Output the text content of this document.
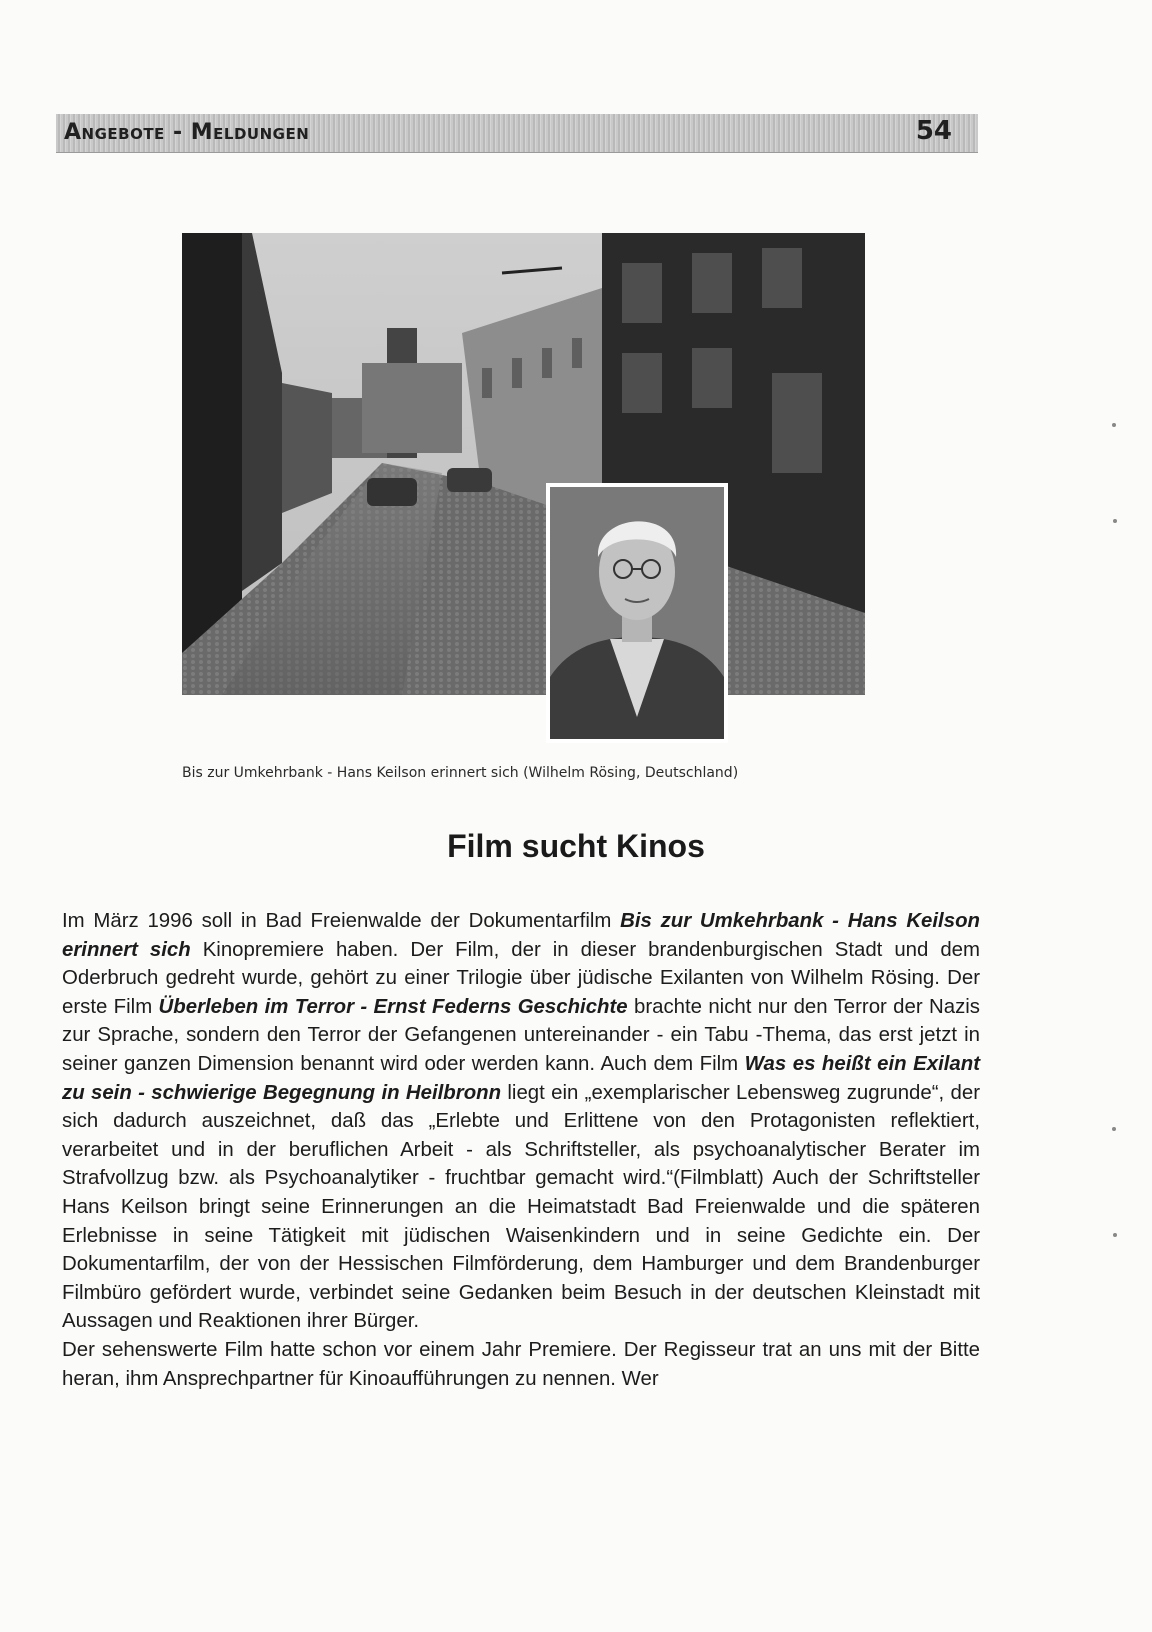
Angebote - Meldungen	54
Bis zur Umkehrbank - Hans Keilson erinnert sich (Wilhelm Rösing, Deutschland)
Film sucht Kinos

Im März 1996 soll in Bad Freienwalde der Dokumentarfilm Bis zur Umkehrbank - Hans Keilson erinnert sich Kinopremiere haben. Der Film, der in dieser brandenburgischen Stadt und dem Oderbruch gedreht wurde, gehört zu einer Trilogie über jüdische Exilanten von Wilhelm Rösing. Der erste Film Überleben im Terror - Ernst Federns Geschichte brachte nicht nur den Terror der Nazis zur Sprache, sondern den Terror der Gefangenen untereinander - ein Tabu -Thema, das erst jetzt in seiner ganzen Dimension benannt wird oder werden kann. Auch dem Film Was es heißt ein Exilant zu sein - schwierige Begegnung in Heilbronn liegt ein „exemplarischer Lebensweg zugrunde“, der sich dadurch auszeichnet, daß das „Erlebte und Erlittene von den Protagonisten reflektiert, verarbeitet und in der beruflichen Arbeit - als Schriftsteller, als psychoanalytischer Berater im Strafvollzug bzw. als Psychoanalytiker - fruchtbar gemacht wird.“(Filmblatt) Auch der Schriftsteller Hans Keilson bringt seine Erinnerungen an die Heimatstadt Bad Freienwalde und die späteren Erlebnisse in seine Tätigkeit mit jüdischen Waisenkindern und in seine Gedichte ein. Der Dokumentarfilm, der von der Hessischen Filmförderung, dem Hamburger und dem Brandenburger Filmbüro gefördert wurde, verbindet seine Gedanken beim Besuch in der deutschen Kleinstadt mit Aussagen und Reaktionen ihrer Bürger.

Der sehenswerte Film hatte schon vor einem Jahr Premiere. Der Regisseur trat an uns mit der Bitte heran, ihm Ansprechpartner für Kinoaufführungen zu nennen. Wer
